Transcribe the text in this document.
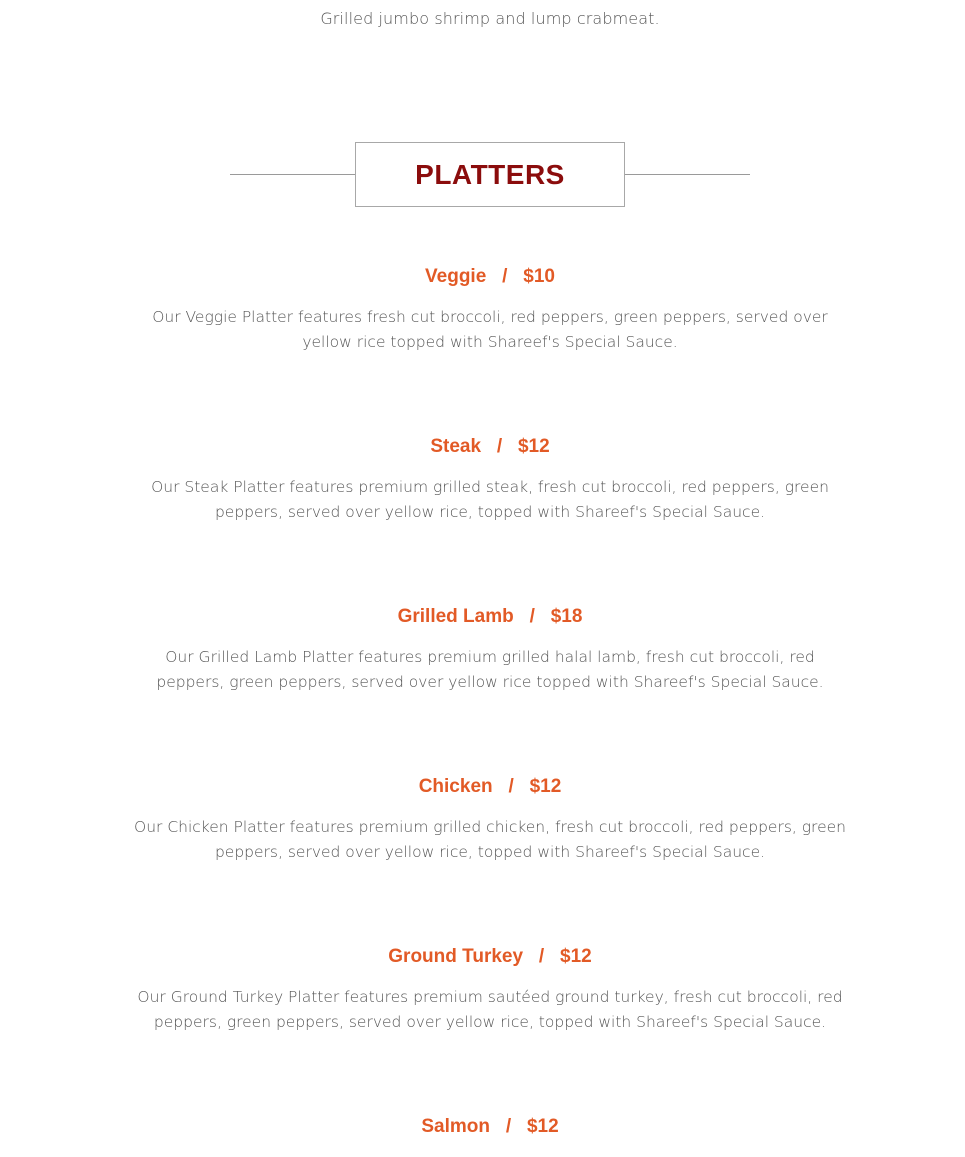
Grilled jumbo shrimp and lump crabmeat.
PLATTERS
Veggie / $10
Our Veggie Platter features fresh cut broccoli, red peppers, green peppers, served over yellow rice topped with Shareef's Special Sauce.
Steak / $12
Our Steak Platter features premium grilled steak, fresh cut broccoli, red peppers, green peppers, served over yellow rice, topped with Shareef's Special Sauce.
Grilled Lamb / $18
Our Grilled Lamb Platter features premium grilled halal lamb, fresh cut broccoli, red peppers, green peppers, served over yellow rice topped with Shareef's Special Sauce.
Chicken / $12
Our Chicken Platter features premium grilled chicken, fresh cut broccoli, red peppers, green peppers, served over yellow rice, topped with Shareef's Special Sauce.
Ground Turkey / $12
Our Ground Turkey Platter features premium sautéed ground turkey, fresh cut broccoli, red peppers, green peppers, served over yellow rice, topped with Shareef's Special Sauce.
Salmon / $12
